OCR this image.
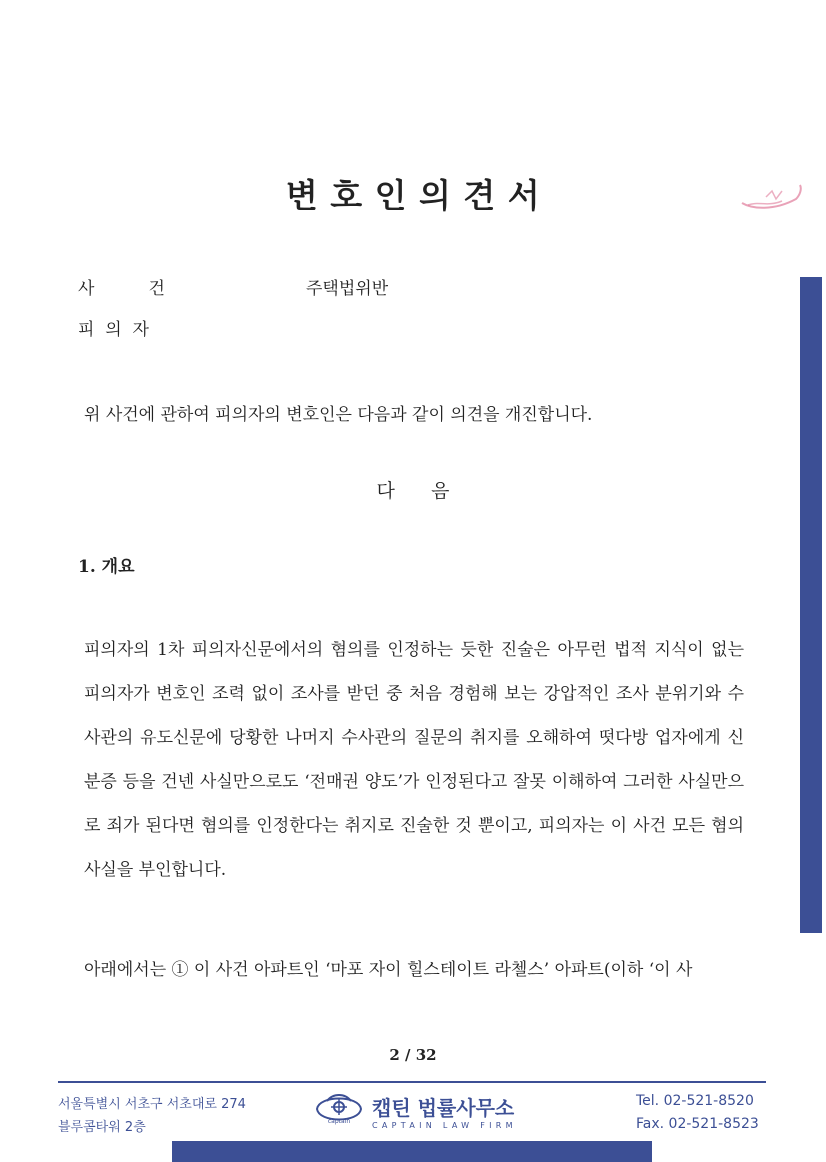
변 호 인 의 견 서
사          건	주택법위반
피  의  자
위 사건에 관하여 피의자의 변호인은 다음과 같이 의견을 개진합니다.
다      음
1. 개요
피의자의 1차 피의자신문에서의 혐의를 인정하는 듯한 진술은 아무런 법적 지식이 없는 피의자가 변호인 조력 없이 조사를 받던 중 처음 경험해 보는 강압적인 조사 분위기와 수사관의 유도신문에 당황한 나머지 수사관의 질문의 취지를 오해하여 떳다방 업자에게 신분증 등을 건넨 사실만으로도 ‘전매권 양도’가 인정된다고 잘못 이해하여 그러한 사실만으로 죄가 된다면 혐의를 인정한다는 취지로 진술한 것 뿐이고, 피의자는 이 사건 모든 혐의사실을 부인합니다.
아래에서는 ① 이 사건 아파트인 ‘마포 자이 힐스테이트 라첼스’ 아파트(이하 ‘이 사
2 / 32
서울특별시 서초구 서초대로 274
블루콤타워 2층	captain
캡틴 법률사무소
CAPTAIN LAW FIRM
Tel. 02-521-8520
Fax. 02-521-8523
